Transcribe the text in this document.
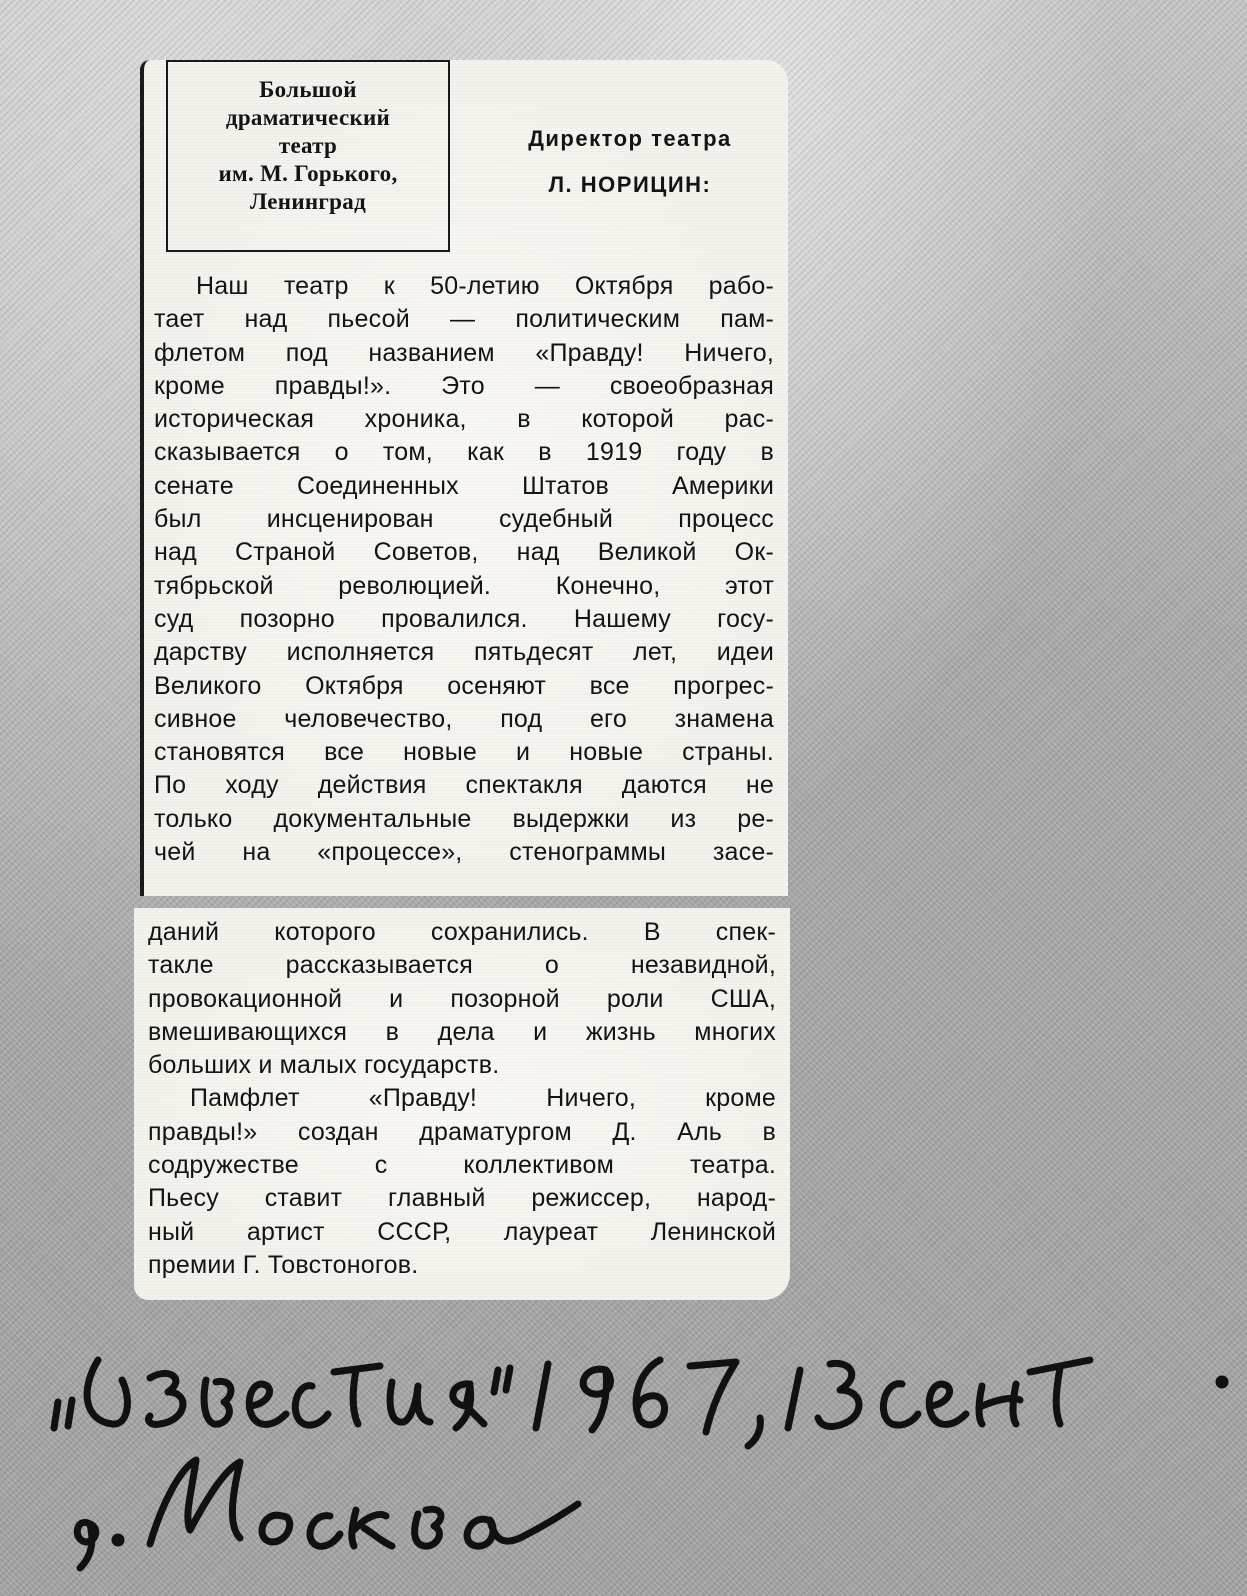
Большой
драматический
театр
им. М. Горького,
Ленинград
Директор театра
Л. НОРИЦИН:
Наш театр к 50-летию Октября рабо-
тает над пьесой — политическим пам-
флетом под названием «Правду! Ничего,
кроме правды!». Это — своеобразная
историческая хроника, в которой рас-
сказывается о том, как в 1919 году в
сенате Соединенных Штатов Америки
был инсценирован судебный процесс
над Страной Советов, над Великой Ок-
тябрьской революцией. Конечно, этот
суд позорно провалился. Нашему госу-
дарству исполняется пятьдесят лет, идеи
Великого Октября осеняют все прогрес-
сивное человечество, под его знамена
становятся все новые и новые страны.
По ходу действия спектакля даются не
только документальные выдержки из ре-
чей на «процессе», стенограммы засе-
даний которого сохранились. В спек-
такле рассказывается о незавидной,
провокационной и позорной роли США,
вмешивающихся в дела и жизнь многих
больших и малых государств.
Памфлет «Правду! Ничего, кроме
правды!» создан драматургом Д. Аль в
содружестве с коллективом театра.
Пьесу ставит главный режиссер, народ-
ный артист СССР, лауреат Ленинской
премии Г. Товстоногов.
